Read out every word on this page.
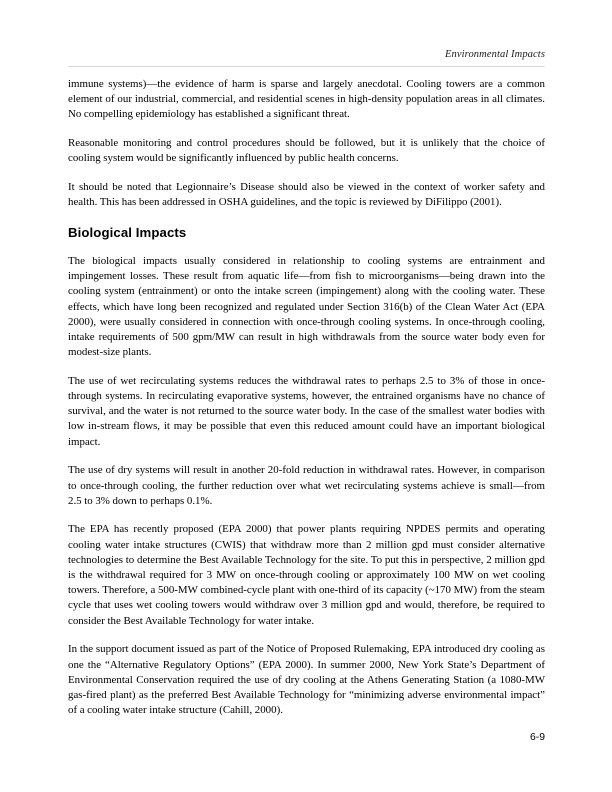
Environmental Impacts

immune systems)—the evidence of harm is sparse and largely anecdotal. Cooling towers are a common element of our industrial, commercial, and residential scenes in high-density population areas in all climates. No compelling epidemiology has established a significant threat.

Reasonable monitoring and control procedures should be followed, but it is unlikely that the choice of cooling system would be significantly influenced by public health concerns.

It should be noted that Legionnaire’s Disease should also be viewed in the context of worker safety and health. This has been addressed in OSHA guidelines, and the topic is reviewed by DiFilippo (2001).

Biological Impacts

The biological impacts usually considered in relationship to cooling systems are entrainment and impingement losses. These result from aquatic life—from fish to microorganisms—being drawn into the cooling system (entrainment) or onto the intake screen (impingement) along with the cooling water. These effects, which have long been recognized and regulated under Section 316(b) of the Clean Water Act (EPA 2000), were usually considered in connection with once-through cooling systems. In once-through cooling, intake requirements of 500 gpm/MW can result in high withdrawals from the source water body even for modest-size plants.

The use of wet recirculating systems reduces the withdrawal rates to perhaps 2.5 to 3% of those in once-through systems. In recirculating evaporative systems, however, the entrained organisms have no chance of survival, and the water is not returned to the source water body. In the case of the smallest water bodies with low in-stream flows, it may be possible that even this reduced amount could have an important biological impact.

The use of dry systems will result in another 20-fold reduction in withdrawal rates. However, in comparison to once-through cooling, the further reduction over what wet recirculating systems achieve is small—from 2.5 to 3% down to perhaps 0.1%.

The EPA has recently proposed (EPA 2000) that power plants requiring NPDES permits and operating cooling water intake structures (CWIS) that withdraw more than 2 million gpd must consider alternative technologies to determine the Best Available Technology for the site. To put this in perspective, 2 million gpd is the withdrawal required for 3 MW on once-through cooling or approximately 100 MW on wet cooling towers. Therefore, a 500-MW combined-cycle plant with one-third of its capacity (~170 MW) from the steam cycle that uses wet cooling towers would withdraw over 3 million gpd and would, therefore, be required to consider the Best Available Technology for water intake.

In the support document issued as part of the Notice of Proposed Rulemaking, EPA introduced dry cooling as one the “Alternative Regulatory Options” (EPA 2000). In summer 2000, New York State’s Department of Environmental Conservation required the use of dry cooling at the Athens Generating Station (a 1080-MW gas-fired plant) as the preferred Best Available Technology for “minimizing adverse environmental impact” of a cooling water intake structure (Cahill, 2000).

6-9
